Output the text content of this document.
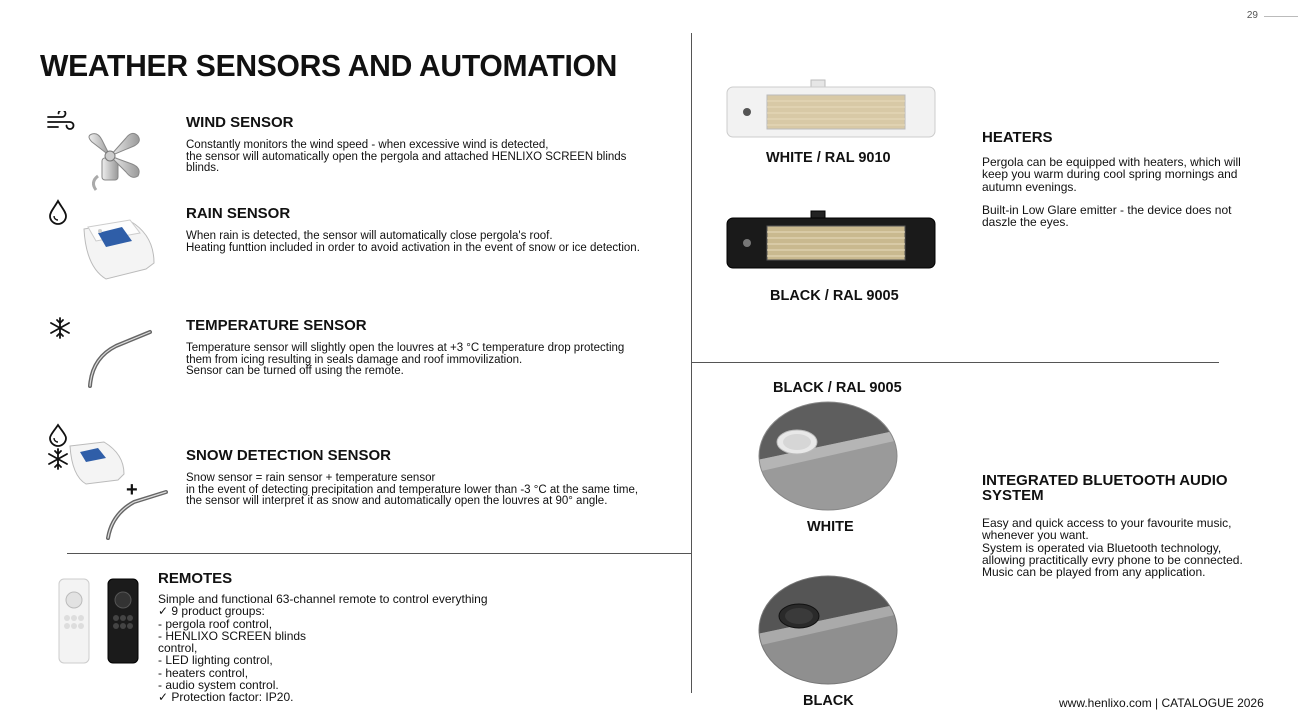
29
WEATHER SENSORS AND AUTOMATION
WIND SENSOR
Constantly monitors the wind speed - when excessive wind is detected,
the sensor will automatically open the pergola and attached HENLIXO SCREEN blinds
blinds.
RAIN SENSOR
When rain is detected, the sensor will automatically close pergola's roof.
Heating funttion included in order to avoid activation in the event of snow or ice detection.
TEMPERATURE SENSOR
Temperature sensor will slightly open the louvres at +3 °C temperature drop protecting
them from icing resulting in seals damage and roof immovilization.
Sensor can be turned off using the remote.
+
SNOW DETECTION SENSOR
Snow sensor = rain sensor + temperature sensor
in the event of detecting precipitation and temperature lower than -3 °C at the same time,
the sensor will interpret it as snow and automatically open the louvres at 90° angle.
REMOTES
Simple and functional 63-channel remote to control everything
✓ 9 product groups:
- pergola roof control,
- HENLIXO SCREEN blinds
control,
- LED lighting control,
- heaters control,
- audio system control.
✓ Protection factor: IP20.
WHITE / RAL 9010
BLACK / RAL 9005
HEATERS
Pergola can be equipped with heaters, which will
keep you warm during cool spring mornings and
autumn evenings.
Built-in Low Glare emitter - the device does not
daszle the eyes.
BLACK / RAL 9005
WHITE
BLACK
INTEGRATED BLUETOOTH AUDIO
SYSTEM
Easy and quick access to your favourite music,
whenever you want.
System is operated via Bluetooth technology,
allowing practitically evry phone to be connected.
Music can be played from any application.
www.henlixo.com | CATALOGUE 2026
